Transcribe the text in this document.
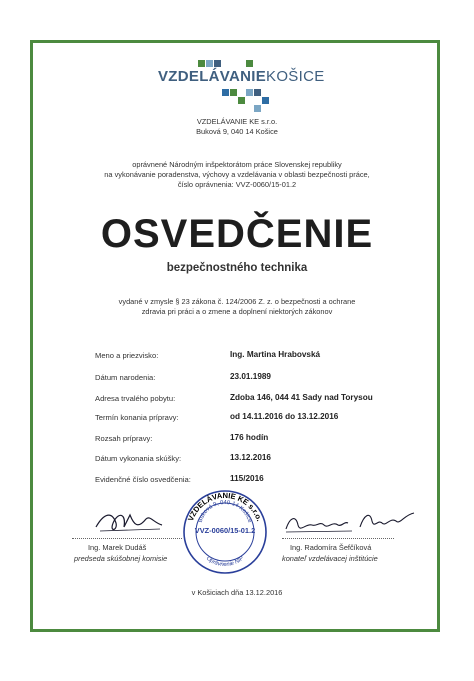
VZDELÁVANIEKOŠICE
VZDELÁVANIE KE s.r.o.
Buková 9, 040 14 Košice
oprávnené Národným inšpektorátom práce Slovenskej republiky
na vykonávanie poradenstva, výchovy a vzdelávania v oblasti bezpečnosti práce,
číslo oprávnenia: VVZ-0060/15-01.2
OSVEDČENIE
bezpečnostného technika
vydané v zmysle § 23 zákona č. 124/2006 Z. z. o bezpečnosti a ochrane
zdravia pri práci a o zmene a doplnení niektorých zákonov
Meno a priezvisko:	Ing. Martina Hrabovská
Dátum narodenia:	23.01.1989
Adresa trvalého pobytu:	Zdoba 146, 044 41 Sady nad Torysou
Termín konania prípravy:	od 14.11.2016 do 13.12.2016
Rozsah prípravy:	176 hodín
Dátum vykonania skúšky:	13.12.2016
Evidenčné číslo osvedčenia:	115/2016
Ing. Marek Dudáš
predseda skúšobnej komisie
VZDELÁVANIE KE s.r.o.
Buková 9, 040 14 Košice
Oprávnenie NIP
VVZ-0060/15-01.2
Ing. Radomíra Šefčíková
konateľ vzdelávacej inštitúcie
v Košiciach dňa 13.12.2016
